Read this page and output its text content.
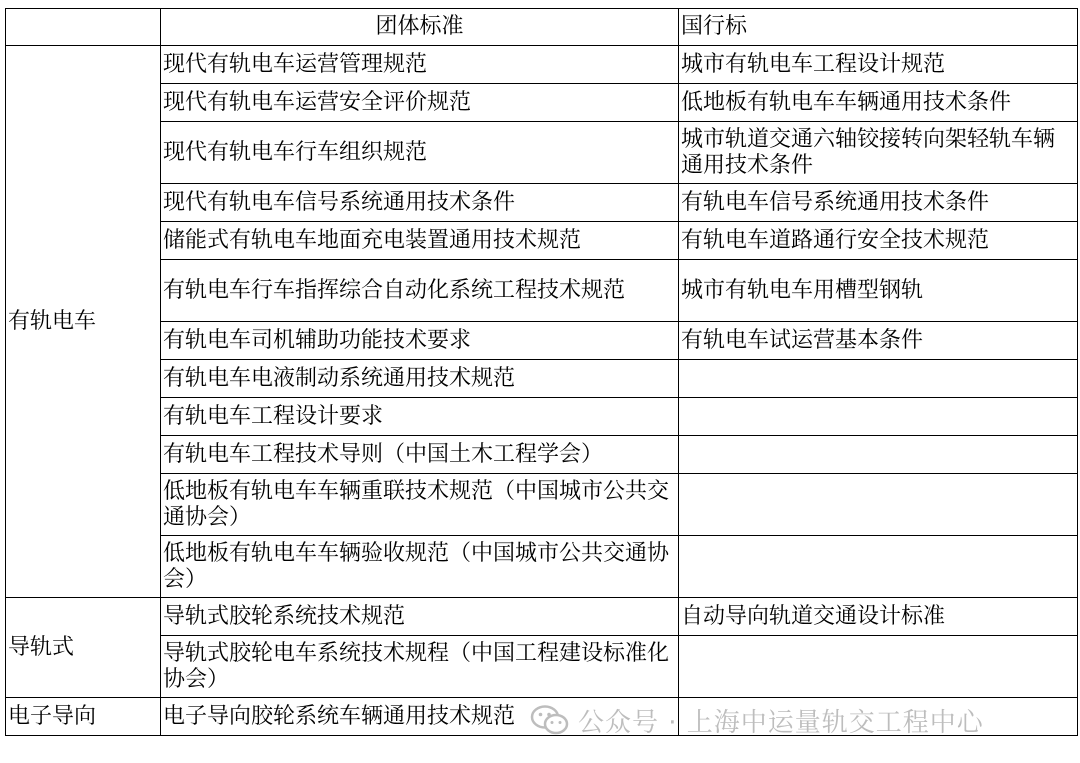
	团体标准	国行标
有轨电车	现代有轨电车运营管理规范	城市有轨电车工程设计规范
	现代有轨电车运营安全评价规范	低地板有轨电车车辆通用技术条件
	现代有轨电车行车组织规范	城市轨道交通六轴铰接转向架轻轨车辆通用技术条件
	现代有轨电车信号系统通用技术条件	有轨电车信号系统通用技术条件
	储能式有轨电车地面充电装置通用技术规范	有轨电车道路通行安全技术规范
	有轨电车行车指挥综合自动化系统工程技术规范	城市有轨电车用槽型钢轨
	有轨电车司机辅助功能技术要求	有轨电车试运营基本条件
	有轨电车电液制动系统通用技术规范	
	有轨电车工程设计要求	
	有轨电车工程技术导则（中国土木工程学会）	
	低地板有轨电车车辆重联技术规范（中国城市公共交通协会）	
	低地板有轨电车车辆验收规范（中国城市公共交通协会）	
导轨式	导轨式胶轮系统技术规范	自动导向轨道交通设计标准
	导轨式胶轮电车系统技术规程（中国工程建设标准化协会）	
电子导向	电子导向胶轮系统车辆通用技术规范	公众号 · 上海中运量轨交工程中心
